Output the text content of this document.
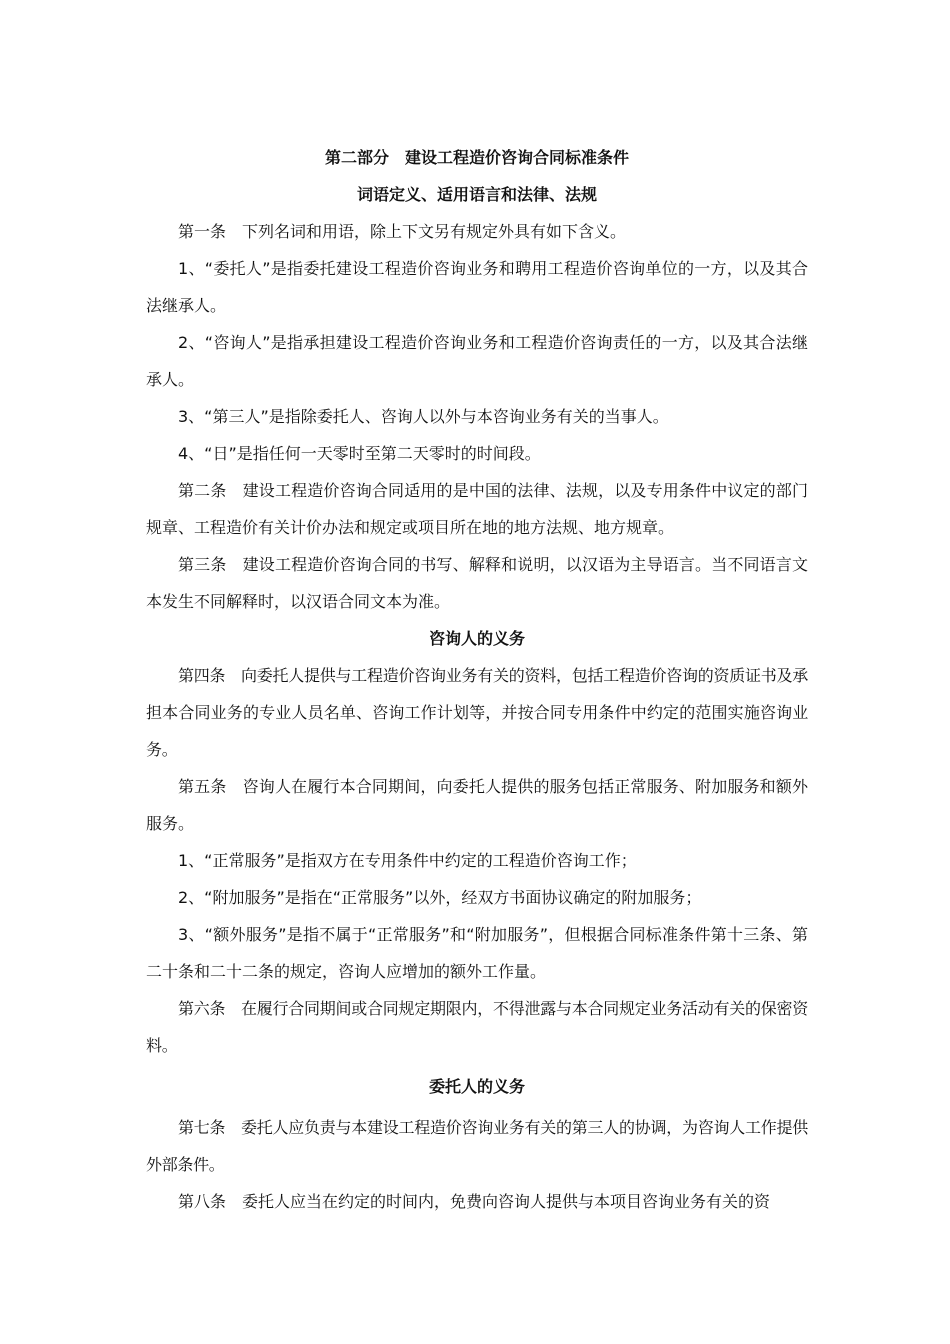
第二部分　建设工程造价咨询合同标准条件

词语定义、适用语言和法律、法规

第一条　下列名词和用语，除上下文另有规定外具有如下含义。

1、“委托人”是指委托建设工程造价咨询业务和聘用工程造价咨询单位的一方，以及其合法继承人。

2、“咨询人”是指承担建设工程造价咨询业务和工程造价咨询责任的一方，以及其合法继承人。

3、“第三人”是指除委托人、咨询人以外与本咨询业务有关的当事人。

4、“日”是指任何一天零时至第二天零时的时间段。

第二条　建设工程造价咨询合同适用的是中国的法律、法规，以及专用条件中议定的部门规章、工程造价有关计价办法和规定或项目所在地的地方法规、地方规章。

第三条　建设工程造价咨询合同的书写、解释和说明，以汉语为主导语言。当不同语言文本发生不同解释时，以汉语合同文本为准。

咨询人的义务

第四条　向委托人提供与工程造价咨询业务有关的资料，包括工程造价咨询的资质证书及承担本合同业务的专业人员名单、咨询工作计划等，并按合同专用条件中约定的范围实施咨询业务。

第五条　咨询人在履行本合同期间，向委托人提供的服务包括正常服务、附加服务和额外服务。

1、“正常服务”是指双方在专用条件中约定的工程造价咨询工作；

2、“附加服务”是指在“正常服务”以外，经双方书面协议确定的附加服务；

3、“额外服务”是指不属于“正常服务”和“附加服务”，但根据合同标准条件第十三条、第二十条和二十二条的规定，咨询人应增加的额外工作量。

第六条　在履行合同期间或合同规定期限内，不得泄露与本合同规定业务活动有关的保密资料。

委托人的义务

第七条　委托人应负责与本建设工程造价咨询业务有关的第三人的协调，为咨询人工作提供外部条件。

第八条　委托人应当在约定的时间内，免费向咨询人提供与本项目咨询业务有关的资
